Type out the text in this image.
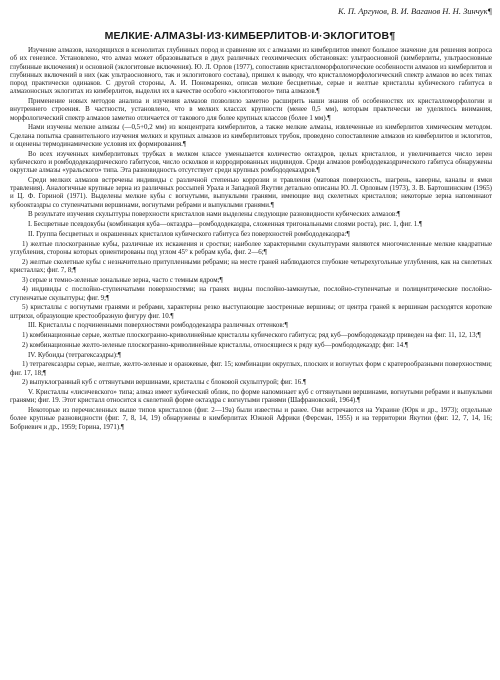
К. П. Аргунов, В. И. Ваганов Н. Н. Зинчук¶
МЕЛКИЕ·АЛМАЗЫ·ИЗ·КИМБЕРЛИТОВ·И·ЭКЛОГИТОВ¶

Изучение алмазов, находящихся в ксенолитах глубинных пород и сравнение их с алмазами из кимберлитов имеют большое значение для решения вопроса об их генезисе. Установлено, что алмаз может образовываться в двух различных геохимических обстановках: ультраосновной (кимберлиты, ультраосновные глубинные включения) и основной (эклогитовые включения). Ю. Л. Орлов (1977), сопоставив кристалломорфологические особенности алмазов из кимберлитов и глубинных включений в них (как ультраосновного, так и эклогитового состава), пришел к выводу, что кристалломорфологический спектр алмазов во всех типах пород практически одинаков. С другой стороны, А. И. Пономаренко, описав мелкие бесцветные, серые и желтые кристаллы кубического габитуса в алмазоносных эклогитах из кимберлитов, выделил их в качестве особого «эклогитового» типа алмазов.¶

Применение новых методов анализа и изучения алмазов позволило заметно расширить наши знания об особенностях их кристалломорфологии и внутреннего строения. В частности, установлено, что в мелких классах крупности (менее 0,5 мм), которым практически не уделялось внимания, морфологический спектр алмазов заметно отличается от такового для более крупных классов (более 1 мм).¶

Нами изучены мелкие алмазы (—0,5+0,2 мм) из концентрата кимберлитов, а также мелкие алмазы, извлеченные из кимберлитов химическим методом. Сделана попытка сравнительного изучения мелких и крупных алмазов из кимберлитовых трубок, проведено сопоставление алмазов из кимберлитов и эклогитов, и оценены термодинамические условия их формирования.¶

Во всех изученных кимберлитовых трубках в мелком классе уменьшается количество октаэдров, целых кристаллов, и увеличивается число зерен кубического и ромбододекаэдрического габитусов, число осколков и корродированных индивидов. Среди алмазов ромбододекаэдрического габитуса обнаружены округлые алмазы «уральского» типа. Эта разновидность отсутствует среди крупных ромбододекаэдров.¶

Среди мелких алмазов встречены индивиды с различной степенью коррозии и травления (матовая поверхность, шагрень, каверны, каналы и ямки травления). Аналогичные крупные зерна из различных россыпей Урала и Западной Якутии детально описаны Ю. Л. Орловым (1973), З. В. Бартошинским (1965) и Ц. Ф. Гориной (1971). Выделены мелкие кубы с вогнутыми, выпуклыми гранями, имеющие вид скелетных кристаллов; некоторые зерна напоминают кубооктаэдры со ступенчатыми вершинами, вогнутыми ребрами и выпуклыми гранями.¶

В результате изучения скульптуры поверхности кристаллов нами выделены следующие разновидности кубических алмазов:¶

I. Бесцветные псевдокубы (комбинация куба—октаэдра—ромбододекаэдра, сложенная тригональными слоями роста), рис. 1, фиг. 1.¶

II. Группа бесцветных и окрашенных кристаллов кубического габитуса без поверхностей ромбододекаэдра:¶

1) желтые плоскогранные кубы, различные их искажения и сростки; наиболее характерными скульптурами являются многочисленные мелкие квадратные углубления, стороны которых ориентированы под углом 45° к ребрам куба, фиг. 2—6;¶

2) желтые скелетные кубы с незначительно притупленными ребрами; на месте граней наблюдаются глубокие четырехугольные углубления, как на скелетных кристаллах; фиг. 7, 8;¶

3) серые и темно-зеленые зональные зерна, часто с темным ядром;¶

4) индивиды с послойно-ступенчатыми поверхностями; на гранях видны послойно-замкнутые, послойно-ступенчатые и полицентрические послойно-ступенчатые скульптуры; фиг. 9;¶

5) кристаллы с вогнутыми гранями и ребрами, характерны резко выступающие заостренные вершины; от центра граней к вершинам расходятся короткие штрихи, образующие крестообразную фигуру фиг. 10.¶

III. Кристаллы с подчиненными поверхностями ромбододекаэдра различных оттенков:¶

1) комбинационные серые, желтые плоскогранно-криволинейные кристаллы кубического габитуса; ряд куб—ромбододекаэдр приведен на фиг. 11, 12, 13;¶

2) комбинационные желто-зеленые плоскогранно-криволинейные кристаллы, относящиеся к ряду куб—ромбододекаэдр; фиг. 14.¶

IV. Кубоиды (тетрагексаэдры):¶

1) тетрагексаэдры серые, желтые, желто-зеленые и оранжевые, фиг. 15; комбинации округлых, плоских и вогнутых форм с кратерообразными поверхностями; фиг. 17, 18;¶

2) выпуклогранный куб с оттянутыми вершинами, кристаллы с блоковой скульптурой; фиг. 16.¶

V. Кристаллы «лисичевского» типа; алмаз имеет кубический облик, по форме напоминает куб с оттянутыми вершинами, вогнутыми ребрами и выпуклыми гранями; фиг. 19. Этот кристалл относится к скелетной форме октаэдра с вогнутыми гранями (Шафрановский, 1964).¶

Некоторые из перечисленных выше типов кристаллов (фиг. 2—19а) были известны и ранее. Они встречаются на Украине (Юрк и др., 1973); отдельные более крупные разновидности (фиг. 7, 8, 14, 19) обнаружены в кимберлитах Южной Африки (Ферсман, 1955) и на территории Якутии (фиг. 12, 7, 14, 16; Бобриевич и др., 1959; Горина, 1971).¶
